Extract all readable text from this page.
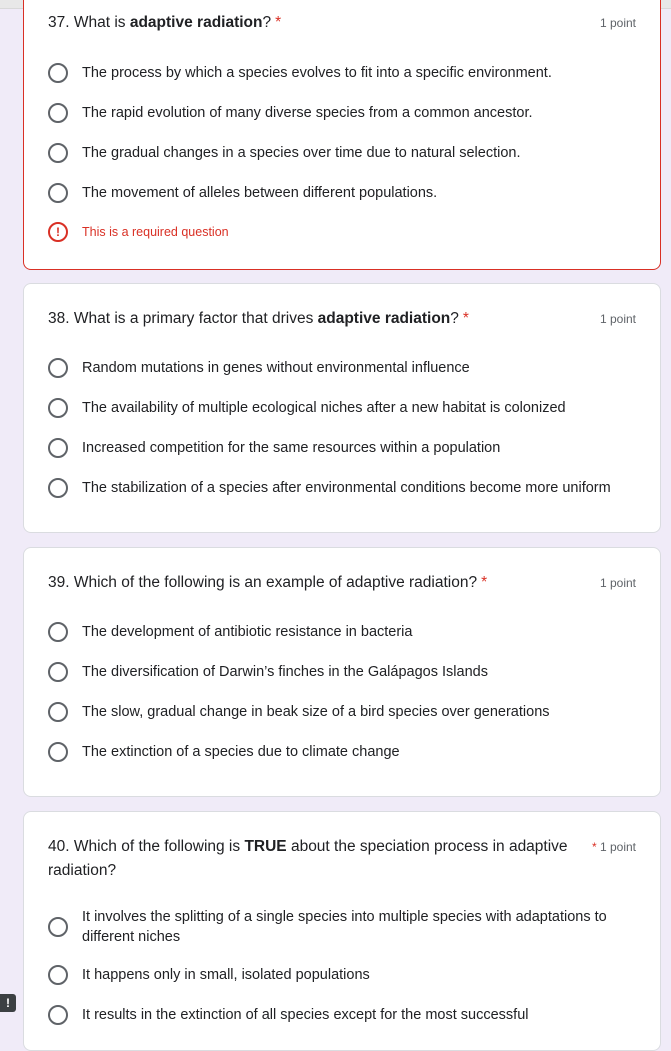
37. What is adaptive radiation? *	1 point
The process by which a species evolves to fit into a specific environment.
The rapid evolution of many diverse species from a common ancestor.
The gradual changes in a species over time due to natural selection.
The movement of alleles between different populations.
!	This is a required question
38. What is a primary factor that drives adaptive radiation? *	1 point
Random mutations in genes without environmental influence
The availability of multiple ecological niches after a new habitat is colonized
Increased competition for the same resources within a population
The stabilization of a species after environmental conditions become more uniform
39. Which of the following is an example of adaptive radiation? *	1 point
The development of antibiotic resistance in bacteria
The diversification of Darwin’s finches in the Galápagos Islands
The slow, gradual change in beak size of a bird species over generations
The extinction of a species due to climate change
40. Which of the following is TRUE about the speciation process in adaptive radiation?
* 1 point
It involves the splitting of a single species into multiple species with adaptations to different niches
It happens only in small, isolated populations
It results in the extinction of all species except for the most successful
!
